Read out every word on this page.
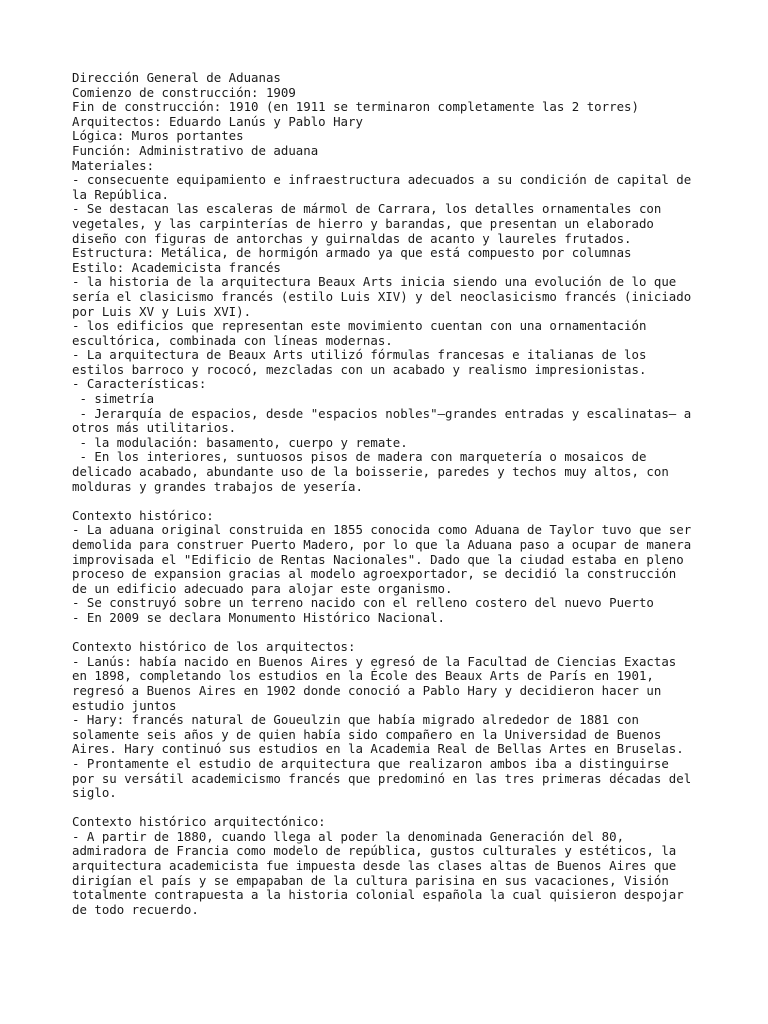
Dirección General de Aduanas
Comienzo de construcción: 1909
Fin de construcción: 1910 (en 1911 se terminaron completamente las 2 torres)
Arquitectos: Eduardo Lanús y Pablo Hary
Lógica: Muros portantes
Función: Administrativo de aduana
Materiales:
- consecuente equipamiento e infraestructura adecuados a su condición de capital de
la República.
- Se destacan las escaleras de mármol de Carrara, los detalles ornamentales con
vegetales, y las carpinterías de hierro y barandas, que presentan un elaborado
diseño con figuras de antorchas y guirnaldas de acanto y laureles frutados.
Estructura: Metálica, de hormigón armado ya que está compuesto por columnas
Estilo: Academicista francés
- la historia de la arquitectura Beaux Arts inicia siendo una evolución de lo que
sería el clasicismo francés (estilo Luis XIV) y del neoclasicismo francés (iniciado
por Luis XV y Luis XVI).
- los edificios que representan este movimiento cuentan con una ornamentación
escultórica, combinada con líneas modernas.
- La arquitectura de Beaux Arts utilizó fórmulas francesas e italianas de los
estilos barroco y rococó, mezcladas con un acabado y realismo impresionistas.
- Características:
- simetría
- Jerarquía de espacios, desde "espacios nobles"—grandes entradas y escalinatas— a
otros más utilitarios.
- la modulación: basamento, cuerpo y remate.
- En los interiores, suntuosos pisos de madera con marquetería o mosaicos de
delicado acabado, abundante uso de la boisserie, paredes y techos muy altos, con
molduras y grandes trabajos de yesería.
Contexto histórico:
- La aduana original construida en 1855 conocida como Aduana de Taylor tuvo que ser
demolida para construer Puerto Madero, por lo que la Aduana paso a ocupar de manera
improvisada el "Edificio de Rentas Nacionales". Dado que la ciudad estaba en pleno
proceso de expansion gracias al modelo agroexportador, se decidió la construcción
de un edificio adecuado para alojar este organismo.
- Se construyó sobre un terreno nacido con el relleno costero del nuevo Puerto
- En 2009 se declara Monumento Histórico Nacional.
Contexto histórico de los arquitectos:
- Lanús: había nacido en Buenos Aires y egresó de la Facultad de Ciencias Exactas
en 1898, completando los estudios en la École des Beaux Arts de París en 1901,
regresó a Buenos Aires en 1902 donde conoció a Pablo Hary y decidieron hacer un
estudio juntos
- Hary: francés natural de Goueulzin que había migrado alrededor de 1881 con
solamente seis años y de quien había sido compañero en la Universidad de Buenos
Aires. Hary continuó sus estudios en la Academia Real de Bellas Artes en Bruselas.
- Prontamente el estudio de arquitectura que realizaron ambos iba a distinguirse
por su versátil academicismo francés que predominó en las tres primeras décadas del
siglo.
Contexto histórico arquitectónico:
- A partir de 1880, cuando llega al poder la denominada Generación del 80,
admiradora de Francia como modelo de república, gustos culturales y estéticos, la
arquitectura academicista fue impuesta desde las clases altas de Buenos Aires que
dirigían el país y se empapaban de la cultura parisina en sus vacaciones, Visión
totalmente contrapuesta a la historia colonial española la cual quisieron despojar
de todo recuerdo.
